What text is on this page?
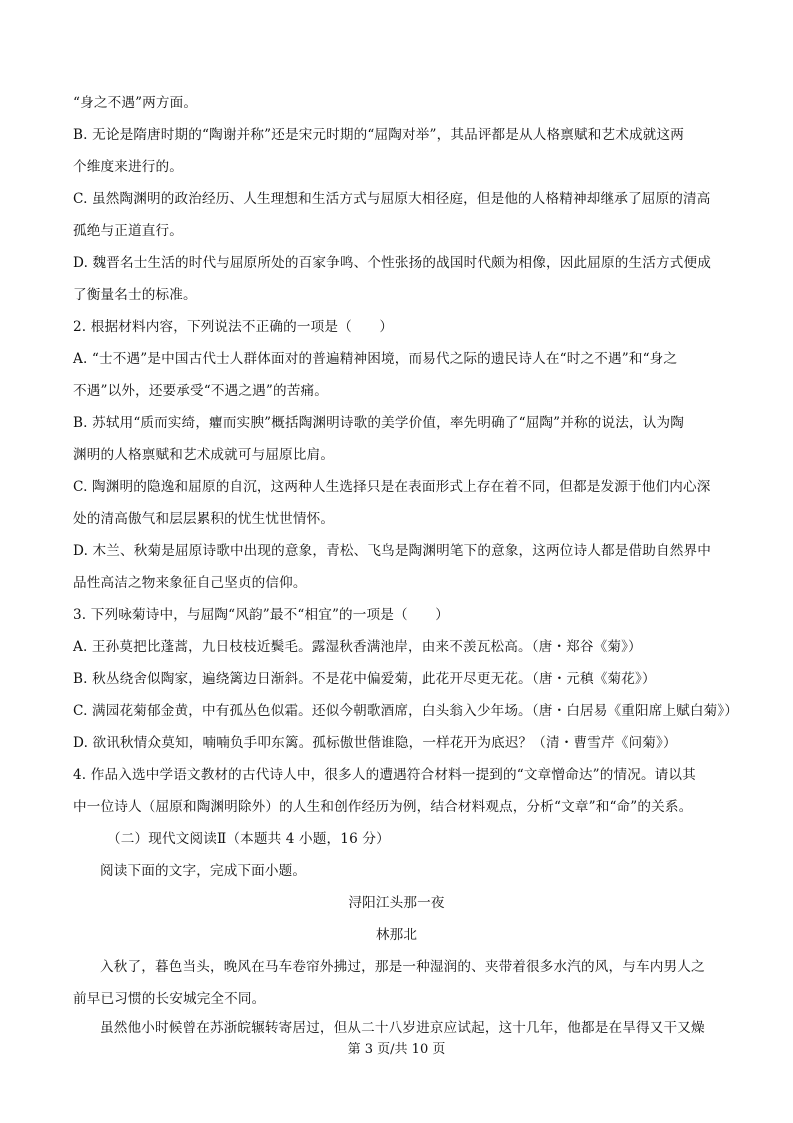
“身之不遇”两方面。
B. 无论是隋唐时期的“陶谢并称”还是宋元时期的“屈陶对举”，其品评都是从人格禀赋和艺术成就这两
个维度来进行的。
C. 虽然陶渊明的政治经历、人生理想和生活方式与屈原大相径庭，但是他的人格精神却继承了屈原的清高
孤绝与正道直行。
D. 魏晋名士生活的时代与屈原所处的百家争鸣、个性张扬的战国时代颇为相像，因此屈原的生活方式便成
了衡量名士的标准。
2. 根据材料内容，下列说法不正确的一项是（　　）
A. “士不遇”是中国古代士人群体面对的普遍精神困境，而易代之际的遗民诗人在“时之不遇”和“身之
不遇”以外，还要承受“不遇之遇”的苦痛。
B. 苏轼用“质而实绮，癯而实腴”概括陶渊明诗歌的美学价值，率先明确了“屈陶”并称的说法，认为陶
渊明的人格禀赋和艺术成就可与屈原比肩。
C. 陶渊明的隐逸和屈原的自沉，这两种人生选择只是在表面形式上存在着不同，但都是发源于他们内心深
处的清高傲气和层层累积的忧生忧世情怀。
D. 木兰、秋菊是屈原诗歌中出现的意象，青松、飞鸟是陶渊明笔下的意象，这两位诗人都是借助自然界中
品性高洁之物来象征自己坚贞的信仰。
3. 下列咏菊诗中，与屈陶“风韵”最不“相宜”的一项是（　　）
A. 王孙莫把比蓬蒿，九日枝枝近鬓毛。露湿秋香满池岸，由来不羡瓦松高。（唐・郑谷《菊》）
B. 秋丛绕舍似陶家，遍绕篱边日渐斜。不是花中偏爱菊，此花开尽更无花。（唐・元稹《菊花》）
C. 满园花菊郁金黄，中有孤丛色似霜。还似今朝歌酒席，白头翁入少年场。（唐・白居易《重阳席上赋白菊》）
D. 欲讯秋情众莫知，喃喃负手叩东篱。孤标傲世偕谁隐，一样花开为底迟？（清・曹雪芹《问菊》）
4. 作品入选中学语文教材的古代诗人中，很多人的遭遇符合材料一提到的“文章憎命达”的情况。请以其
中一位诗人（屈原和陶渊明除外）的人生和创作经历为例，结合材料观点，分析“文章”和“命”的关系。
（二）现代文阅读Ⅱ（本题共 4 小题，16 分）
阅读下面的文字，完成下面小题。
浔阳江头那一夜
林那北
入秋了，暮色当头，晚风在马车卷帘外拂过，那是一种湿润的、夹带着很多水汽的风，与车内男人之
前早已习惯的长安城完全不同。
虽然他小时候曾在苏浙皖辗转寄居过，但从二十八岁进京应试起，这十几年，他都是在旱得又干又燥
第 3 页/共 10 页
